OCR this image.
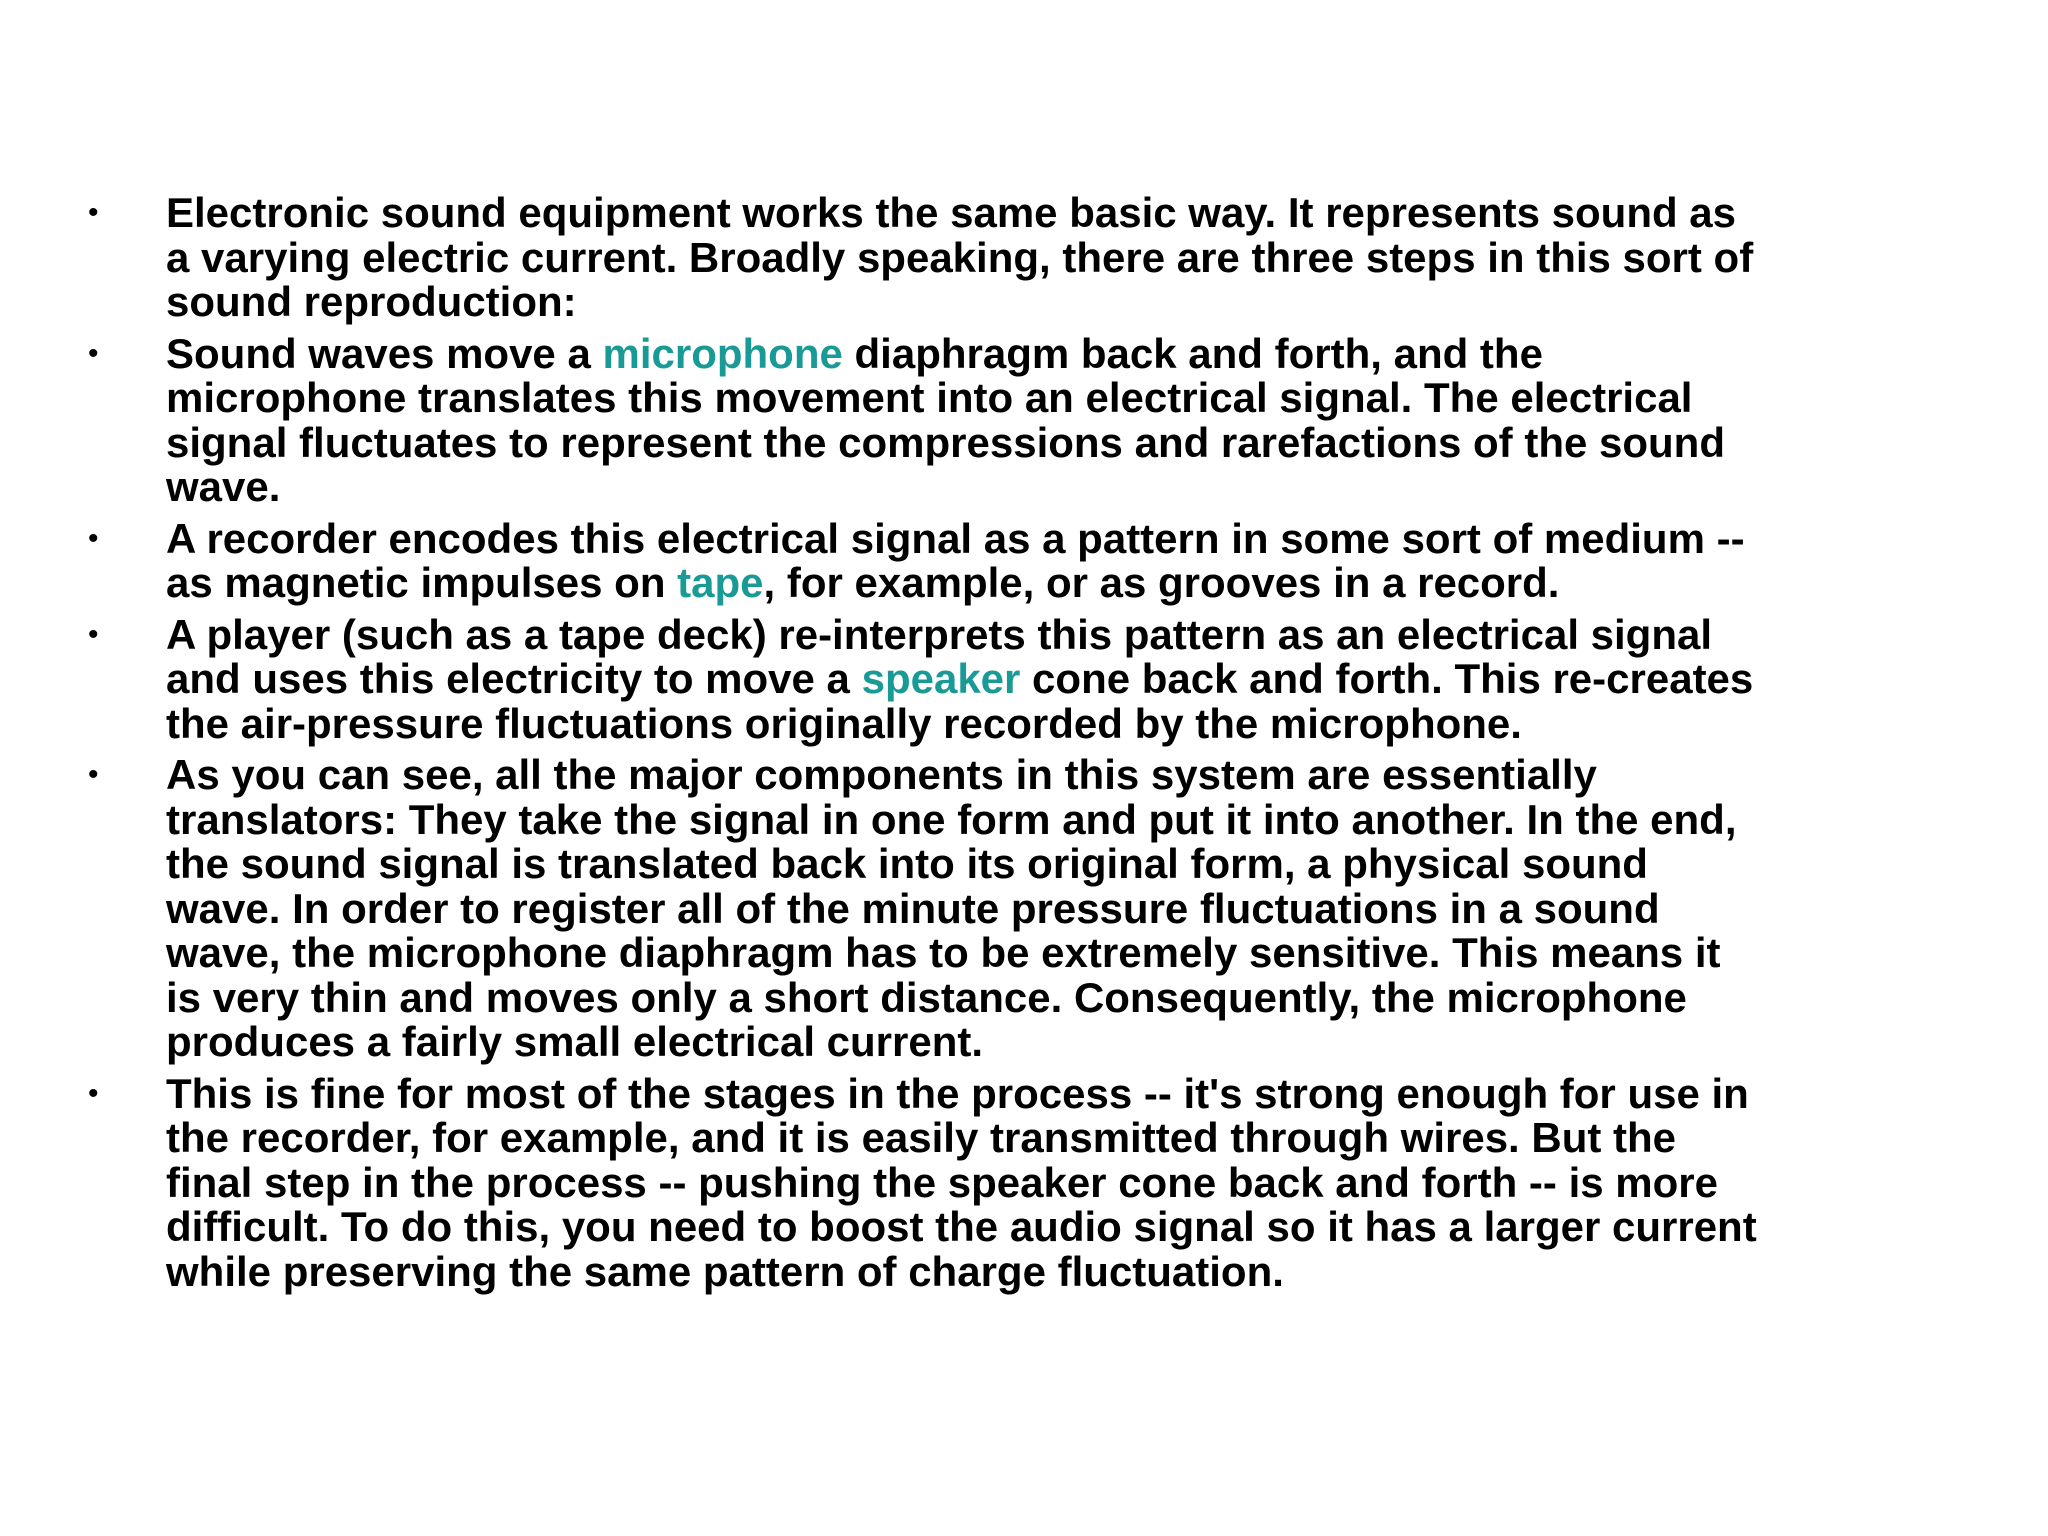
• Electronic sound equipment works the same basic way. It represents sound as
a varying electric current. Broadly speaking, there are three steps in this sort of
sound reproduction:
• Sound waves move a microphone diaphragm back and forth, and the
microphone translates this movement into an electrical signal. The electrical
signal fluctuates to represent the compressions and rarefactions of the sound
wave.
• A recorder encodes this electrical signal as a pattern in some sort of medium --
as magnetic impulses on tape, for example, or as grooves in a record.
• A player (such as a tape deck) re-interprets this pattern as an electrical signal
and uses this electricity to move a speaker cone back and forth. This re-creates
the air-pressure fluctuations originally recorded by the microphone.
• As you can see, all the major components in this system are essentially
translators: They take the signal in one form and put it into another. In the end,
the sound signal is translated back into its original form, a physical sound
wave. In order to register all of the minute pressure fluctuations in a sound
wave, the microphone diaphragm has to be extremely sensitive. This means it
is very thin and moves only a short distance. Consequently, the microphone
produces a fairly small electrical current.
• This is fine for most of the stages in the process -- it's strong enough for use in
the recorder, for example, and it is easily transmitted through wires. But the
final step in the process -- pushing the speaker cone back and forth -- is more
difficult. To do this, you need to boost the audio signal so it has a larger current
while preserving the same pattern of charge fluctuation.
